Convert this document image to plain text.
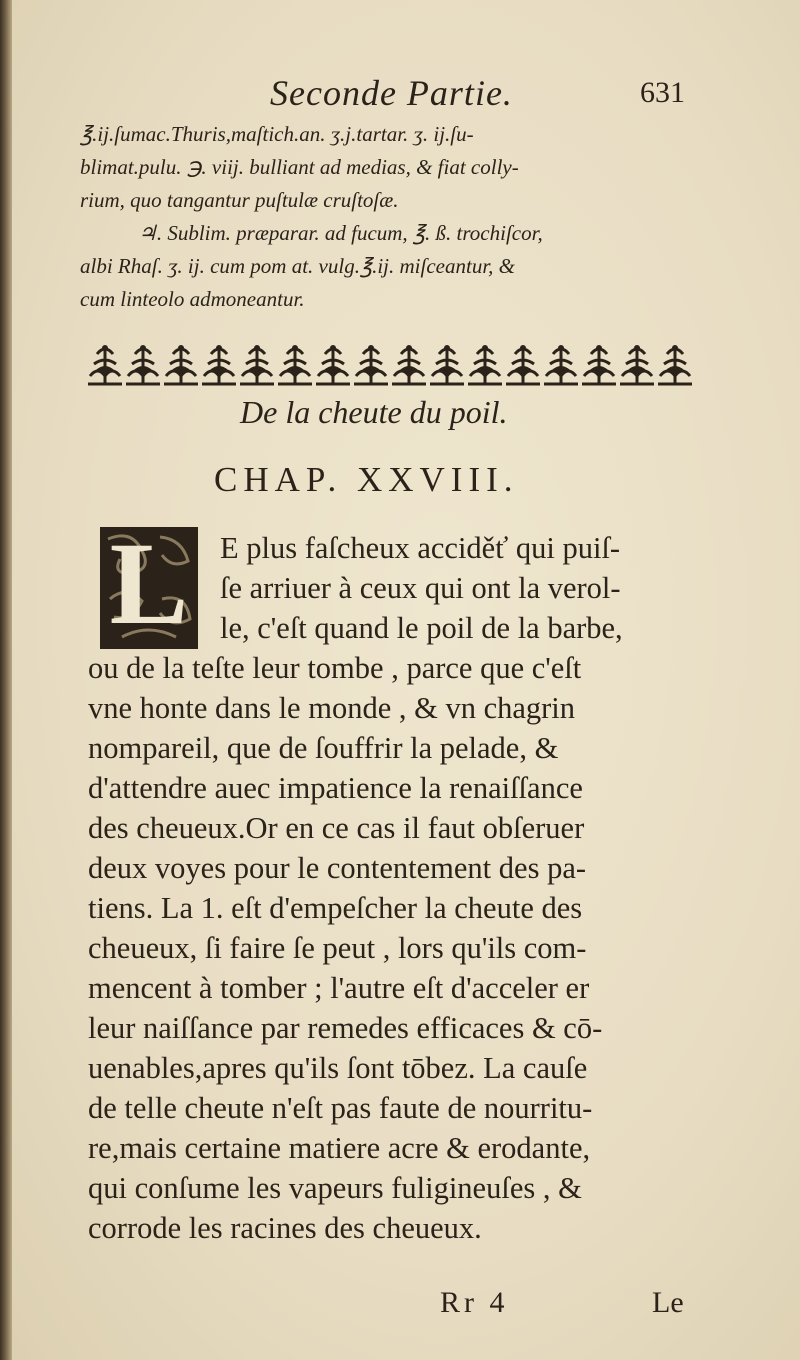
Seconde Partie.	631

℥.ij.ſumac.Thuris,maſtich.an. ʒ.j.tartar. ʒ. ij.ſu-

blimat.pulu. ℈. viij. bulliant ad medias, & fiat colly-

rium, quo tangantur puſtulæ cruſtoſæ.

♃. Sublim. præparar. ad fucum, ℥. ß. trochiſcor,

albi Rhaſ. ʒ. ij. cum pom at. vulg.℥.ij. miſceantur, &

cum linteolo admoneantur.

De la cheute du poil.
CHAP. XXVIII.
L	E plus faſcheux acciděť qui puiſ-
ſe arriuer à ceux qui ont la verol-
le, c'eſt quand le poil de la barbe,
ou de la teſte leur tombe , parce que c'eſt
vne honte dans le monde , & vn chagrin
nompareil, que de ſouffrir la pelade, &
d'attendre auec impatience la renaiſſance
des cheueux.Or en ce cas il faut obſeruer
deux voyes pour le contentement des pa-
tiens. La 1. eſt d'empeſcher la cheute des
cheueux, ſi faire ſe peut , lors qu'ils com-
mencent à tomber ; l'autre eſt d'acceler er
leur naiſſance par remedes efficaces & cō-
uenables,apres qu'ils ſont tōbez. La cauſe
de telle cheute n'eſt pas faute de nourritu-
re,mais certaine matiere acre & erodante,
qui conſume les vapeurs fuligineuſes , &
corrode les racines des cheueux.
Rr 4	Le
